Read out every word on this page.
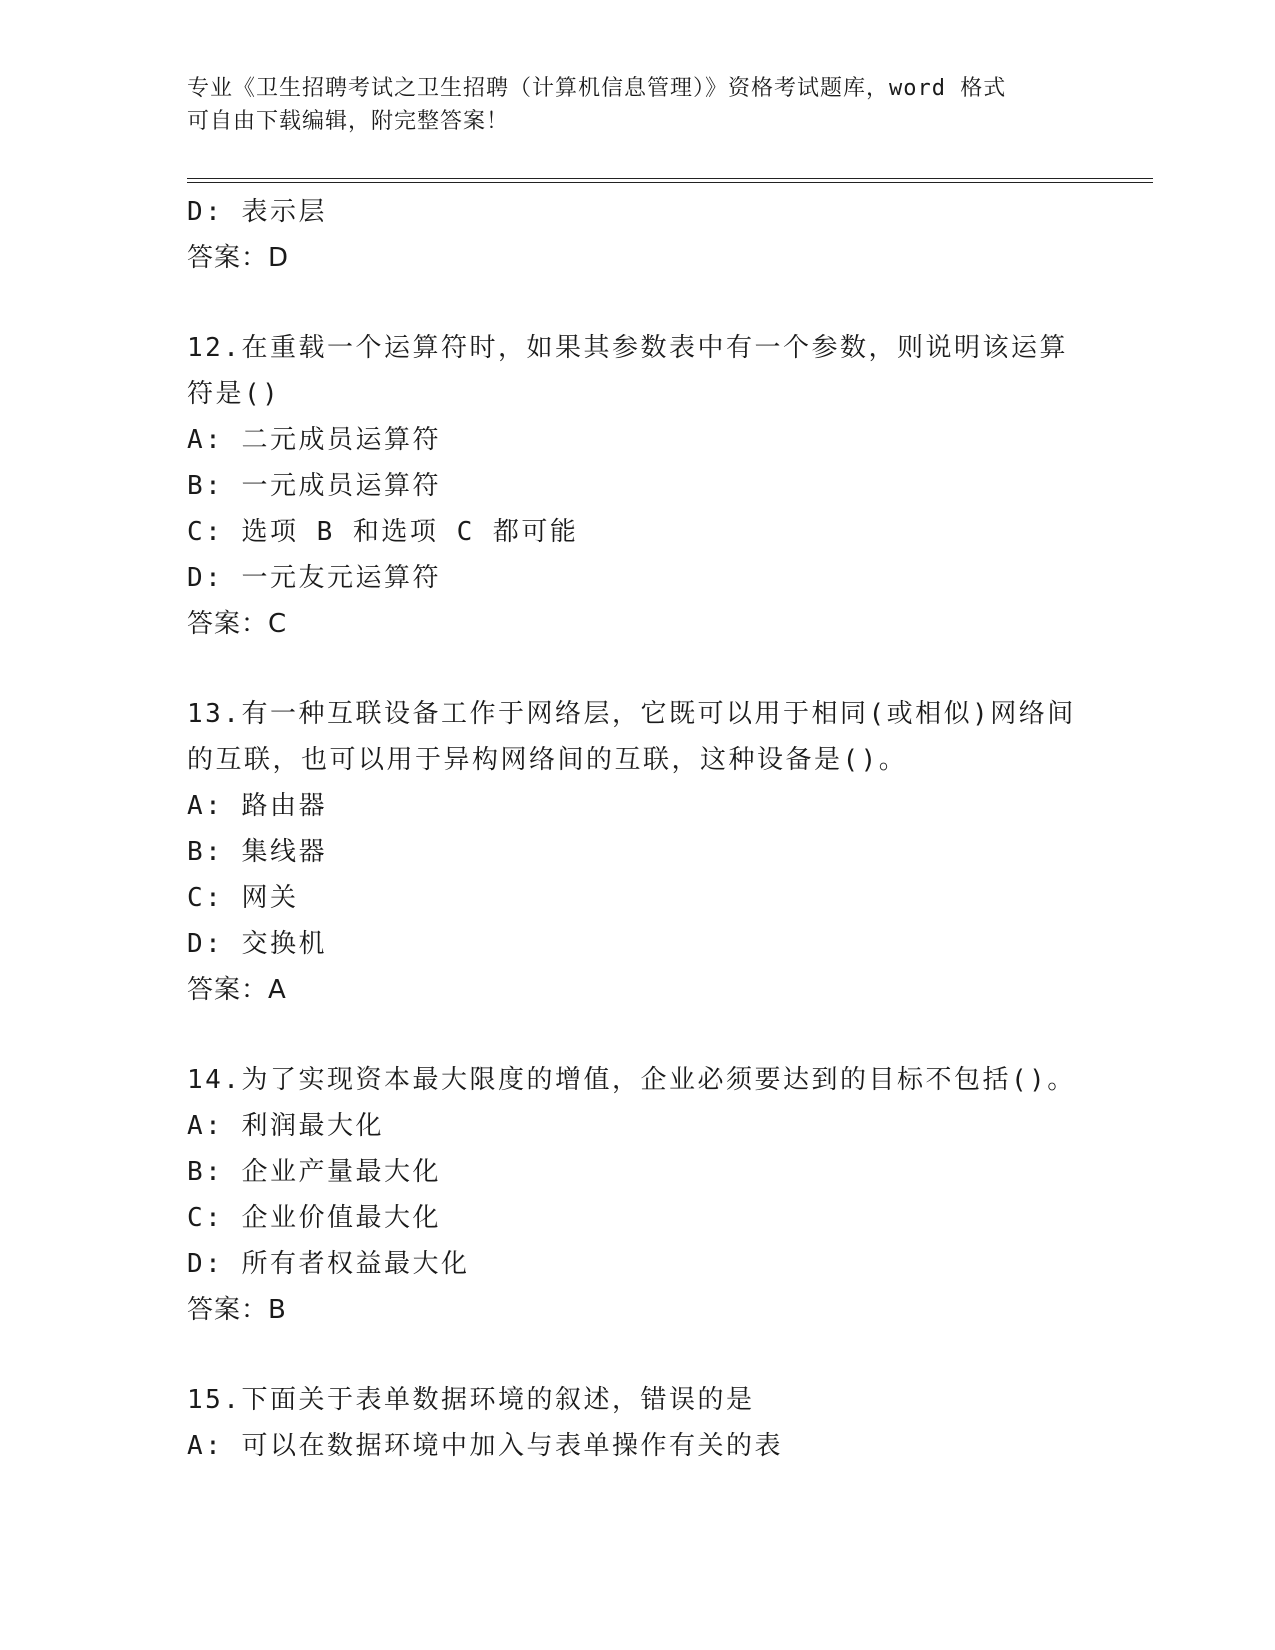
专业《卫生招聘考试之卫生招聘（计算机信息管理）》资格考试题库，word 格式
可自由下载编辑，附完整答案！
D: 表示层
答案：D
12.在重载一个运算符时，如果其参数表中有一个参数，则说明该运算
符是()
A: 二元成员运算符
B: 一元成员运算符
C: 选项 B 和选项 C 都可能
D: 一元友元运算符
答案：C
13.有一种互联设备工作于网络层，它既可以用于相同(或相似)网络间
的互联，也可以用于异构网络间的互联，这种设备是()。
A: 路由器
B: 集线器
C: 网关
D: 交换机
答案：A
14.为了实现资本最大限度的增值，企业必须要达到的目标不包括()。
A: 利润最大化
B: 企业产量最大化
C: 企业价值最大化
D: 所有者权益最大化
答案：B
15.下面关于表单数据环境的叙述，错误的是
A: 可以在数据环境中加入与表单操作有关的表
